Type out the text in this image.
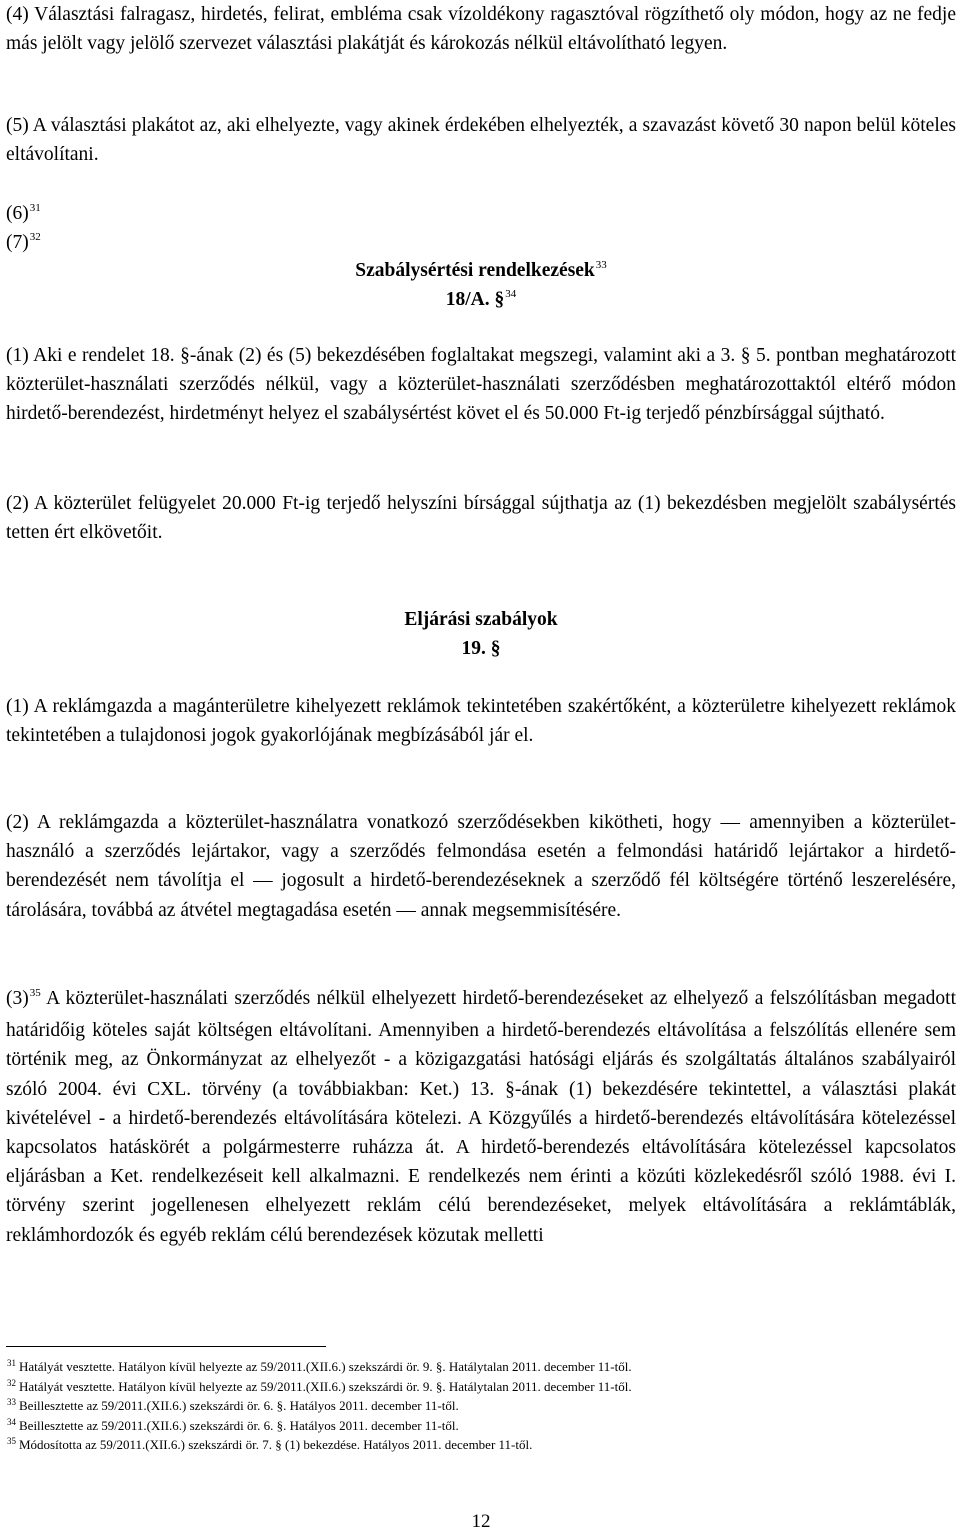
(4) Választási falragasz, hirdetés, felirat, embléma csak vízoldékony ragasztóval rögzíthető oly módon, hogy az ne fedje más jelölt vagy jelölő szervezet választási plakátját és károkozás nélkül eltávolítható legyen.

(5) A választási plakátot az, aki elhelyezte, vagy akinek érdekében elhelyezték, a szavazást követő 30 napon belül köteles eltávolítani.

$(6)^{31}$

$(7)^{32}$

Szabálysértési rendelkezések$^{33}$
18/A. §$^{34}$

(1) Aki e rendelet 18. §-ának (2) és (5) bekezdésében foglaltakat megszegi, valamint aki a 3. § 5. pontban meghatározott közterület-használati szerződés nélkül, vagy a közterület-használati szerződésben meghatározottaktól eltérő módon hirdető-berendezést, hirdetményt helyez el szabálysértést követ el és 50.000 Ft-ig terjedő pénzbírsággal sújtható.

(2) A közterület felügyelet 20.000 Ft-ig terjedő helyszíni bírsággal sújthatja az (1) bekezdésben megjelölt szabálysértés tetten ért elkövetőit.

Eljárási szabályok
19. §

(1) A reklámgazda a magánterületre kihelyezett reklámok tekintetében szakértőként, a közterületre kihelyezett reklámok tekintetében a tulajdonosi jogok gyakorlójának megbízásából jár el.

(2) A reklámgazda a közterület-használatra vonatkozó szerződésekben kikötheti, hogy — amennyiben a közterület-használó a szerződés lejártakor, vagy a szerződés felmondása esetén a felmondási határidő lejártakor a hirdető-berendezését nem távolítja el — jogosult a hirdető-berendezéseknek a szerződő fél költségére történő leszerelésére, tárolására, továbbá az átvétel megtagadása esetén — annak megsemmisítésére.

$(3)^{35}$ A közterület-használati szerződés nélkül elhelyezett hirdető-berendezéseket az elhelyező a felszólításban megadott határidőig köteles saját költségen eltávolítani. Amennyiben a hirdető-berendezés eltávolítása a felszólítás ellenére sem történik meg, az Önkormányzat az elhelyezőt - a közigazgatási hatósági eljárás és szolgáltatás általános szabályairól szóló 2004. évi CXL. törvény (a továbbiakban: Ket.) 13. §-ának (1) bekezdésére tekintettel, a választási plakát kivételével - a hirdető-berendezés eltávolítására kötelezi. A Közgyűlés a hirdető-berendezés eltávolítására kötelezéssel kapcsolatos hatáskörét a polgármesterre ruházza át. A hirdető-berendezés eltávolítására kötelezéssel kapcsolatos eljárásban a Ket. rendelkezéseit kell alkalmazni. E rendelkezés nem érinti a közúti közlekedésről szóló 1988. évi I. törvény szerint jogellenesen elhelyezett reklám célú berendezéseket, melyek eltávolítására a reklámtáblák, reklámhordozók és egyéb reklám célú berendezések közutak melletti

$^{31}$ Hatályát vesztette. Hatályon kívül helyezte az 59/2011.(XII.6.) szekszárdi ör. 9. §. Hatálytalan 2011. december 11-től.
$^{32}$ Hatályát vesztette. Hatályon kívül helyezte az 59/2011.(XII.6.) szekszárdi ör. 9. §. Hatálytalan 2011. december 11-től.
$^{33}$ Beillesztette az 59/2011.(XII.6.) szekszárdi ör. 6. §. Hatályos 2011. december 11-től.
$^{34}$ Beillesztette az 59/2011.(XII.6.) szekszárdi ör. 6. §. Hatályos 2011. december 11-től.
$^{35}$ Módosította az 59/2011.(XII.6.) szekszárdi ör. 7. § (1) bekezdése. Hatályos 2011. december 11-től.
12
